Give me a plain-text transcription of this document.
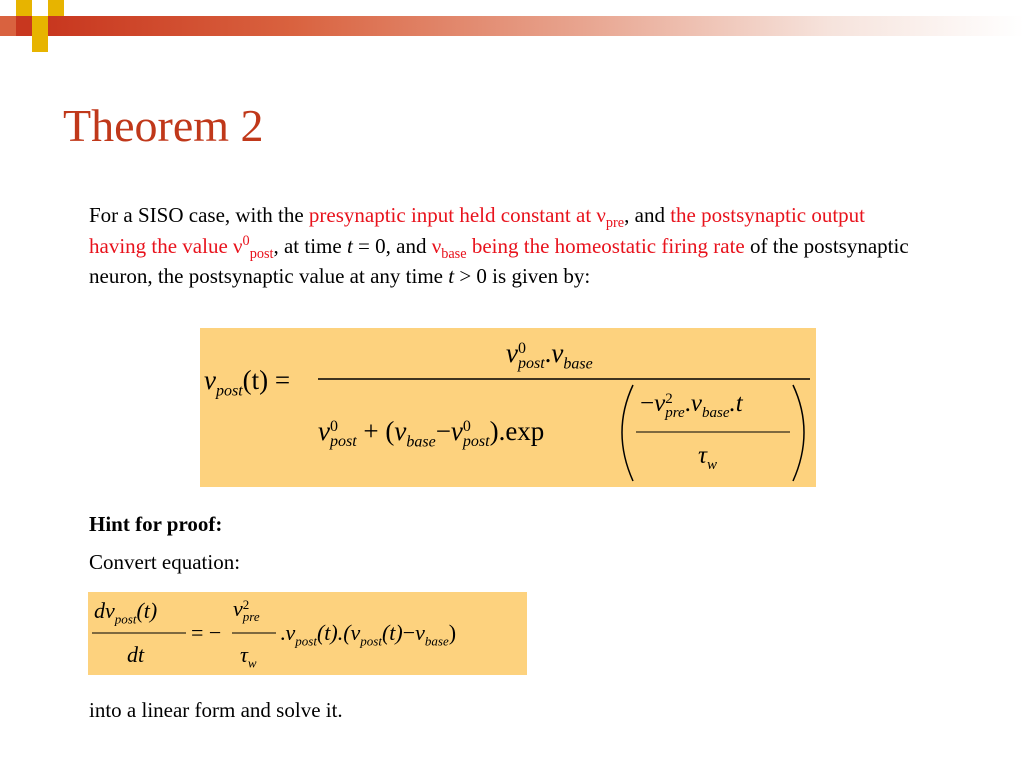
Theorem 2
For a SISO case, with the presynaptic input held constant at $\nu_{pre}$, and the postsynaptic output having the value $\nu^0_{post}$, at time t = 0, and $\nu_{base}$ being the homeostatic firing rate of the postsynaptic neuron, the postsynaptic value at any time t > 0 is given by:
$\nu_{post}(t)$ =
ν 0
post $.\nu_{base}$
ν 0
post + ($\nu_{base}-\nu$ 0
post ).exp
−ν 2
pre $.\nu_{base}.t$
$\tau_w$
Hint for proof:
Convert equation:
$d\nu_{post}(t)$
dt
= −
ν 2
pre
$\tau_w$
$.\nu_{post}(t).(\nu_{post}(t)-\nu_{base})$
into a linear form and solve it.
